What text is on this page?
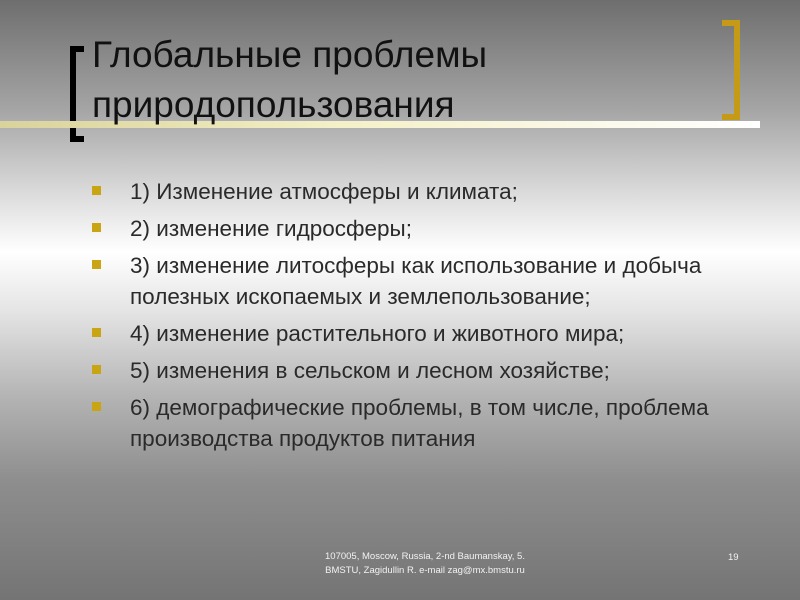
Глобальные проблемы
природопользования
1) Изменение атмосферы и климата;
2) изменение гидросферы;
3) изменение литосферы как использование и добыча полезных ископаемых и землепользование;
4) изменение растительного и животного мира;
5) изменения в сельском и лесном хозяйстве;
6) демографические проблемы, в том числе, проблема производства продуктов питания
107005, Moscow, Russia, 2-nd Baumanskay, 5.
BMSTU, Zagidullin R. e-mail zag@mx.bmstu.ru
19
